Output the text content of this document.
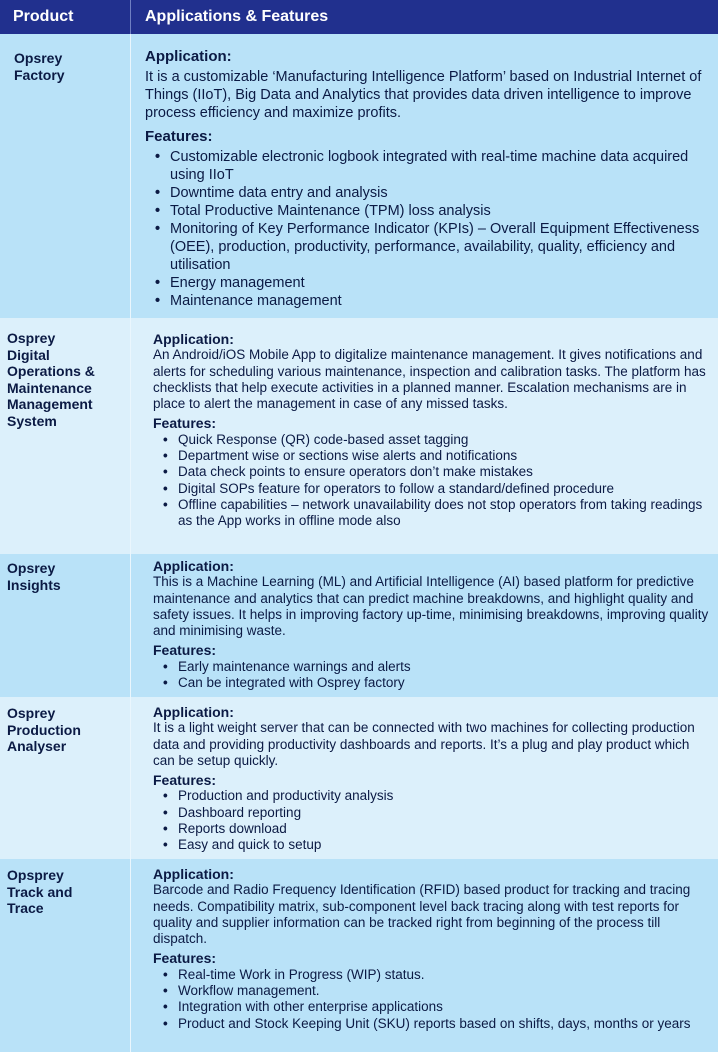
Product	Applications & Features
Opsrey
Factory
Application:

It is a customizable ‘Manufacturing Intelligence Platform’ based on Industrial Internet of Things (IIoT), Big Data and Analytics that provides data driven intelligence to improve process efficiency and maximize profits.

Features:
• Customizable electronic logbook integrated with real-time machine data acquired using IIoT
• Downtime data entry and analysis
• Total Productive Maintenance (TPM) loss analysis
• Monitoring of Key Performance Indicator (KPIs) – Overall Equipment Effectiveness (OEE), production, productivity, performance, availability, quality, efficiency and utilisation
• Energy management
• Maintenance management
Osprey
Digital
Operations &
Maintenance
Management
System
Application:

An Android/iOS Mobile App to digitalize maintenance management. It gives notifications and alerts for scheduling various maintenance, inspection and calibration tasks. The platform has checklists that help execute activities in a planned manner. Escalation mechanisms are in place to alert the management in case of any missed tasks.

Features:
• Quick Response (QR) code-based asset tagging
• Department wise or sections wise alerts and notifications
• Data check points to ensure operators don’t make mistakes
• Digital SOPs feature for operators to follow a standard/defined procedure
• Offline capabilities – network unavailability does not stop operators from taking readings as the App works in offline mode also
Opsrey
Insights
Application:

This is a Machine Learning (ML) and Artificial Intelligence (AI) based platform for predictive maintenance and analytics that can predict machine breakdowns, and highlight quality and safety issues. It helps in improving factory up-time, minimising breakdowns, improving quality and minimising waste.

Features:
• Early maintenance warnings and alerts
• Can be integrated with Osprey factory
Osprey
Production
Analyser
Application:

It is a light weight server that can be connected with two machines for collecting production data and providing productivity dashboards and reports. It’s a plug and play product which can be setup quickly.

Features:
• Production and productivity analysis
• Dashboard reporting
• Reports download
• Easy and quick to setup
Opsprey
Track and
Trace
Application:

Barcode and Radio Frequency Identification (RFID) based product for tracking and tracing needs. Compatibility matrix, sub-component level back tracing along with test reports for quality and supplier information can be tracked right from beginning of the process till dispatch.

Features:
• Real-time Work in Progress (WIP) status.
• Workflow management.
• Integration with other enterprise applications
• Product and Stock Keeping Unit (SKU) reports based on shifts, days, months or years
